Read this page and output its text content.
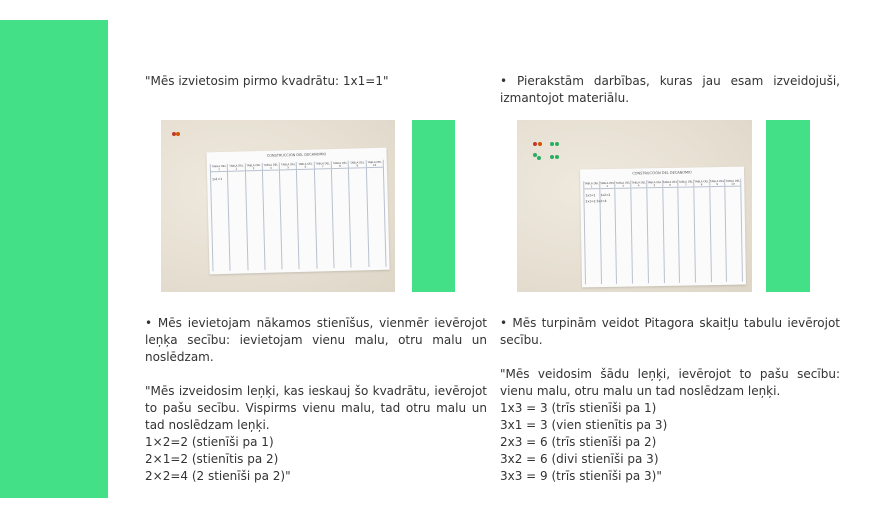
"Mēs izvietosim pirmo kvadrātu: 1x1=1"

CONSTRUCCIÓN DEL DECANOMIO
TABLA DEL 1
TABLA DEL 2
TABLA DEL 3
TABLA DEL 4
TABLA DEL 5
TABLA DEL 6
TABLA DEL 7
TABLA DEL 8
TABLA DEL 9
TABLA DEL 10
1x1=1

• Mēs ievietojam nākamos stienīšus, vienmēr ievērojot leņķa secību: ievietojam vienu malu, otru malu un noslēdzam.

"Mēs izveidosim leņķi, kas ieskauj šo kvadrātu, ievērojot to pašu secību. Vispirms vienu malu, tad otru malu un tad noslēdzam leņķi.

1×2=2 (stienīši pa 1)

2×1=2 (stienītis pa 2)

2×2=4 (2 stienīši pa 2)"

• Pierakstām darbības, kuras jau esam izveidojuši, izmantojot materiālu.

CONSTRUCCIÓN DEL DECANOMIO
TABLA DEL 1
TABLA DEL 2
TABLA DEL 3
TABLA DEL 4
TABLA DEL 5
TABLA DEL 6
TABLA DEL 7
TABLA DEL 8
TABLA DEL 9
TABLA DEL 10
1x1=1 1x2=2
2x1=2 2x2=4

• Mēs turpinām veidot Pitagora skaitļu tabulu ievērojot secību.

"Mēs veidosim šādu leņķi, ievērojot to pašu secību: vienu malu, otru malu un tad noslēdzam leņķi.

1x3 = 3 (trīs stienīši pa 1)

3x1 = 3 (vien stienītis pa 3)

2x3 = 6 (trīs stienīši pa 2)

3x2 = 6 (divi stienīši pa 3)

3x3 = 9 (trīs stienīši pa 3)"
